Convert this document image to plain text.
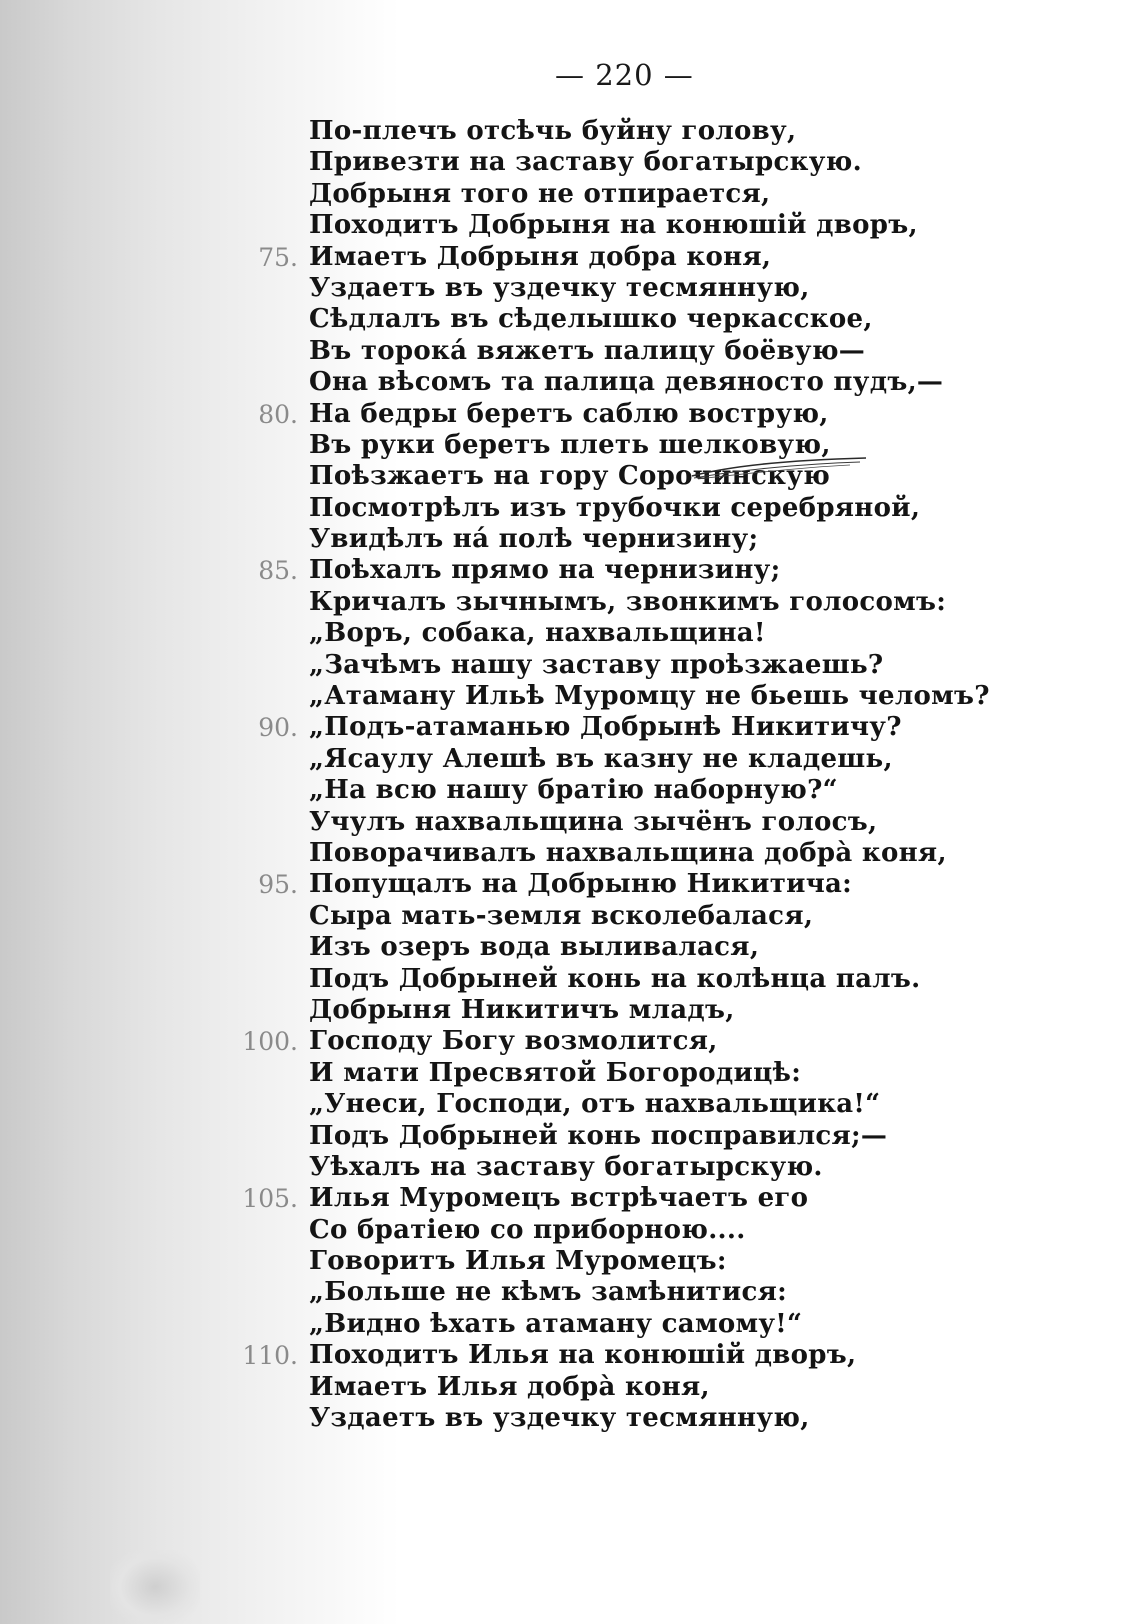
— 220 —
По-плечъ отсѣчь буйну голову,
Привезти на заставу богатырскую.
Добрыня того не отпирается,
Походитъ Добрыня на конюшій дворъ,
75. Имаетъ Добрыня добра коня,
Уздаетъ въ уздечку тесмянную,
Сѣдлалъ въ сѣделышко черкасское,
Въ торока́ вяжетъ палицу боёвую—
Она вѣсомъ та палица девяносто пудъ,—
80. На бедры беретъ саблю вострую,
Въ руки беретъ плеть шелковую,
Поѣзжаетъ на гору Сорочинскую
Посмотрѣлъ изъ трубочки серебряной,
Увидѣлъ на́ полѣ чернизину;
85. Поѣхалъ прямо на чернизину;
Кричалъ зычнымъ, звонкимъ голосомъ:
„Воръ, собака, нахвальщина!
„Зачѣмъ нашу заставу проѣзжаешь?
„Атаману Ильѣ Муромцу не бьешь челомъ?
90. „Подъ-атаманью Добрынѣ Никитичу?
„Ясаулу Алешѣ въ казну не кладешь,
„На всю нашу братію наборную?“
Учулъ нахвальщина зычёнъ голосъ,
Поворачивалъ нахвальщина добра̀ коня,
95. Попущалъ на Добрыню Никитича:
Сыра мать-земля всколебалася,
Изъ озеръ вода выливалася,
Подъ Добрыней конь на колѣнца палъ.
Добрыня Никитичъ младъ,
100. Господу Богу возмолится,
И мати Пресвятой Богородицѣ:
„Унеси, Господи, отъ нахвальщика!“
Подъ Добрыней конь посправился;—
Уѣхалъ на заставу богатырскую.
105. Илья Муромецъ встрѣчаетъ его
Со братіею со приборною....
Говоритъ Илья Муромецъ:
„Больше не кѣмъ замѣнитися:
„Видно ѣхать атаману самому!“
110. Походитъ Илья на конюшій дворъ,
Имаетъ Илья добра̀ коня,
Уздаетъ въ уздечку тесмянную,
